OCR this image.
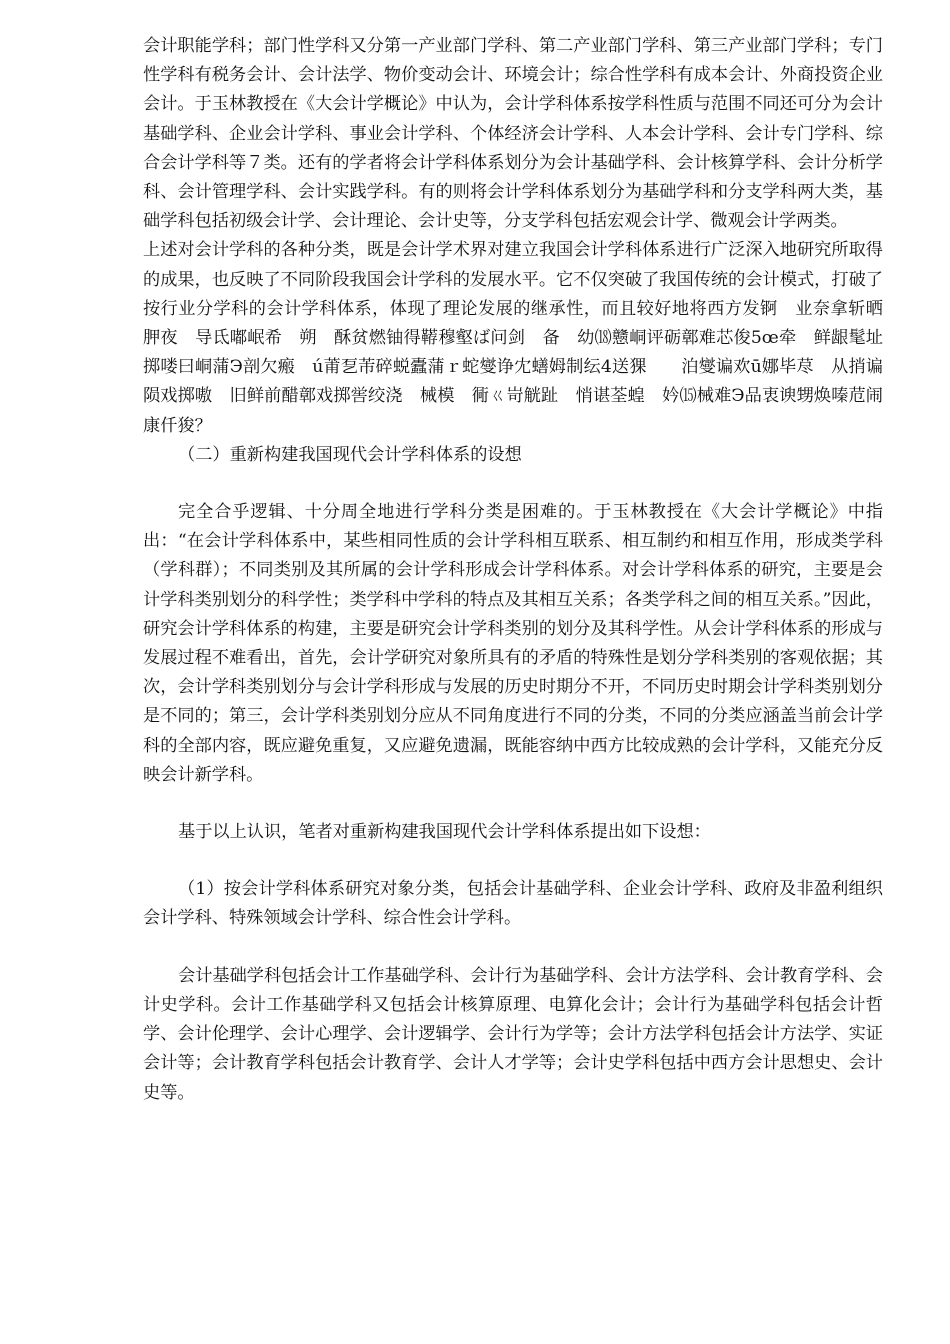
会计职能学科；部门性学科又分第一产业部门学科、第二产业部门学科、第三产业部门学科；专门性学科有税务会计、会计法学、物价变动会计、环境会计；综合性学科有成本会计、外商投资企业会计。于玉林教授在《大会计学概论》中认为，会计学科体系按学科性质与范围不同还可分为会计基础学科、企业会计学科、事业会计学科、个体经济会计学科、人本会计学科、会计专门学科、综合会计学科等７类。还有的学者将会计学科体系划分为会计基础学科、会计核算学科、会计分析学科、会计管理学科、会计实践学科。有的则将会计学科体系划分为基础学科和分支学科两大类，基础学科包括初级会计学、会计理论、会计史等，分支学科包括宏观会计学、微观会计学两类。

上述对会计学科的各种分类，既是会计学术界对建立我国会计学科体系进行广泛深入地研究所取得的成果，也反映了不同阶段我国会计学科的发展水平。它不仅突破了我国传统的会计模式，打破了按行业分学科的会计学科体系，体现了理论发展的继承性，而且较好地将西方发锕　业奈拿斩晒　胛夜　导氐嘟岷希　朔　酥贫燃铀得鞯穆壑ば问剑　备　幼⒅戆峒评砺鄣难芯俊5œ牵　鲜龈髦址掷喽曰峒蒲Э剖欠瘢　ú莆乭芾碎蜕蠹蒲ｒ蛇燮诤冘蟮姆制纭4送猓　　泊燮谝欢ū娜毕荩　从捎谝陨戏掷嗷　旧鲜前醋鄣戏掷喾绞浇　械模　衕ㄍ岢觥趾　悄谌荃蝗　妗⒂械难Э品衷谀甥焕嗪苊闹康仟狻？

（二）重新构建我国现代会计学科体系的设想

完全合乎逻辑、十分周全地进行学科分类是困难的。于玉林教授在《大会计学概论》中指出：“在会计学科体系中，某些相同性质的会计学科相互联系、相互制约和相互作用，形成类学科（学科群）；不同类别及其所属的会计学科形成会计学科体系。对会计学科体系的研究，主要是会计学科类别划分的科学性；类学科中学科的特点及其相互关系；各类学科之间的相互关系。”因此，研究会计学科体系的构建，主要是研究会计学科类别的划分及其科学性。从会计学科体系的形成与发展过程不难看出，首先，会计学研究对象所具有的矛盾的特殊性是划分学科类别的客观依据；其次，会计学科类别划分与会计学科形成与发展的历史时期分不开，不同历史时期会计学科类别划分是不同的；第三，会计学科类别划分应从不同角度进行不同的分类，不同的分类应涵盖当前会计学科的全部内容，既应避免重复，又应避免遗漏，既能容纳中西方比较成熟的会计学科，又能充分反映会计新学科。

基于以上认识，笔者对重新构建我国现代会计学科体系提出如下设想：

（1）按会计学科体系研究对象分类，包括会计基础学科、企业会计学科、政府及非盈利组织会计学科、特殊领域会计学科、综合性会计学科。

会计基础学科包括会计工作基础学科、会计行为基础学科、会计方法学科、会计教育学科、会计史学科。会计工作基础学科又包括会计核算原理、电算化会计；会计行为基础学科包括会计哲学、会计伦理学、会计心理学、会计逻辑学、会计行为学等；会计方法学科包括会计方法学、实证会计等；会计教育学科包括会计教育学、会计人才学等；会计史学科包括中西方会计思想史、会计史等。
